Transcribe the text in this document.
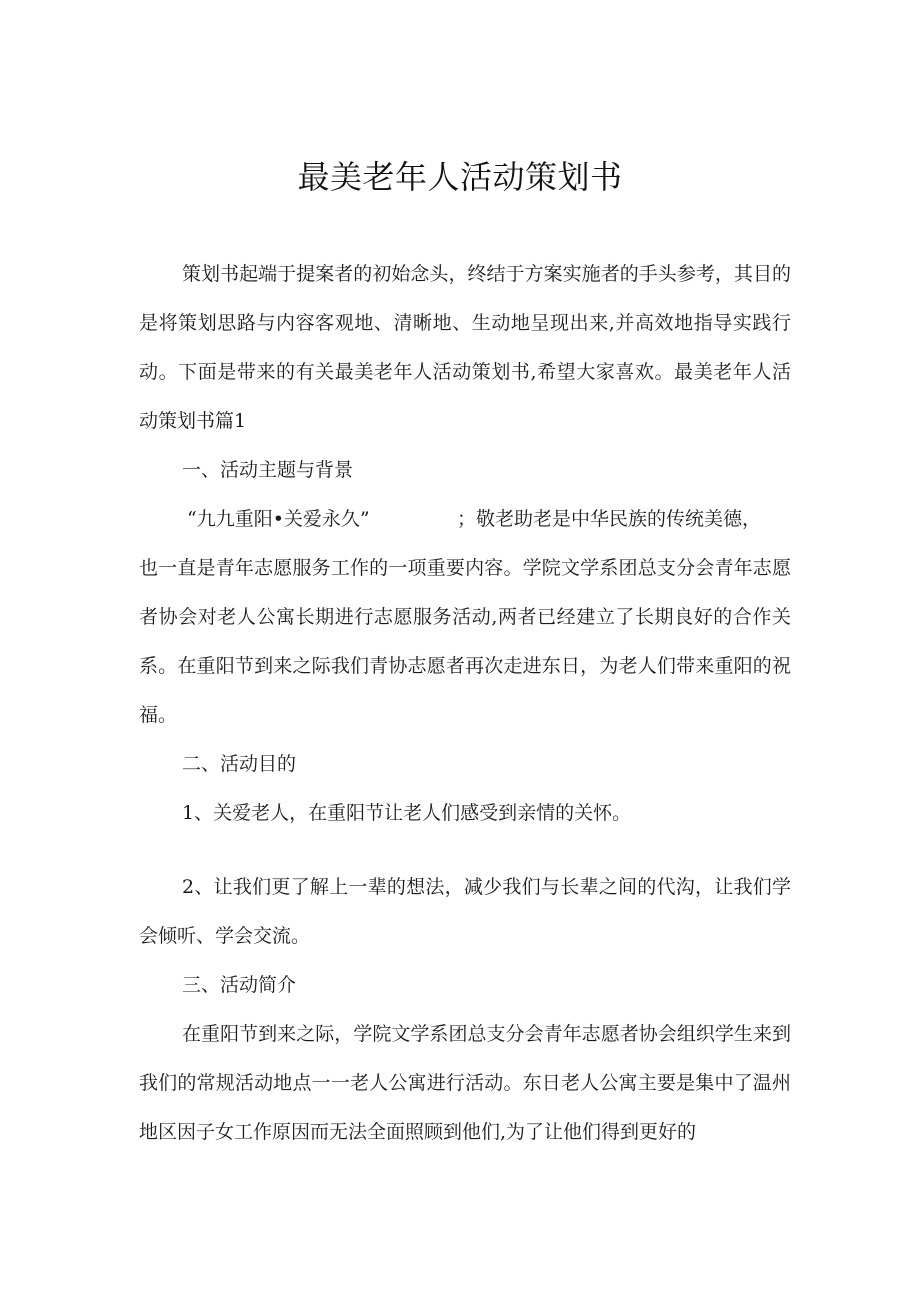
最美老年人活动策划书

策划书起端于提案者的初始念头，终结于方案实施者的手头参考，其目的是将策划思路与内容客观地、清晰地、生动地呈现出来,并高效地指导实践行动。下面是带来的有关最美老年人活动策划书,希望大家喜欢。最美老年人活动策划书篇1

一、活动主题与背景

“九九重阳•关爱永久”	；敬老助老是中华民族的传统美德，

也一直是青年志愿服务工作的一项重要内容。学院文学系团总支分会青年志愿者协会对老人公寓长期进行志愿服务活动,两者已经建立了长期良好的合作关系。在重阳节到来之际我们青协志愿者再次走进东日，为老人们带来重阳的祝福。

二、活动目的

1、关爱老人，在重阳节让老人们感受到亲情的关怀。

2、让我们更了解上一辈的想法，减少我们与长辈之间的代沟，让我们学会倾听、学会交流。

三、活动简介

在重阳节到来之际，学院文学系团总支分会青年志愿者协会组织学生来到我们的常规活动地点一一老人公寓进行活动。东日老人公寓主要是集中了温州地区因子女工作原因而无法全面照顾到他们,为了让他们得到更好的
